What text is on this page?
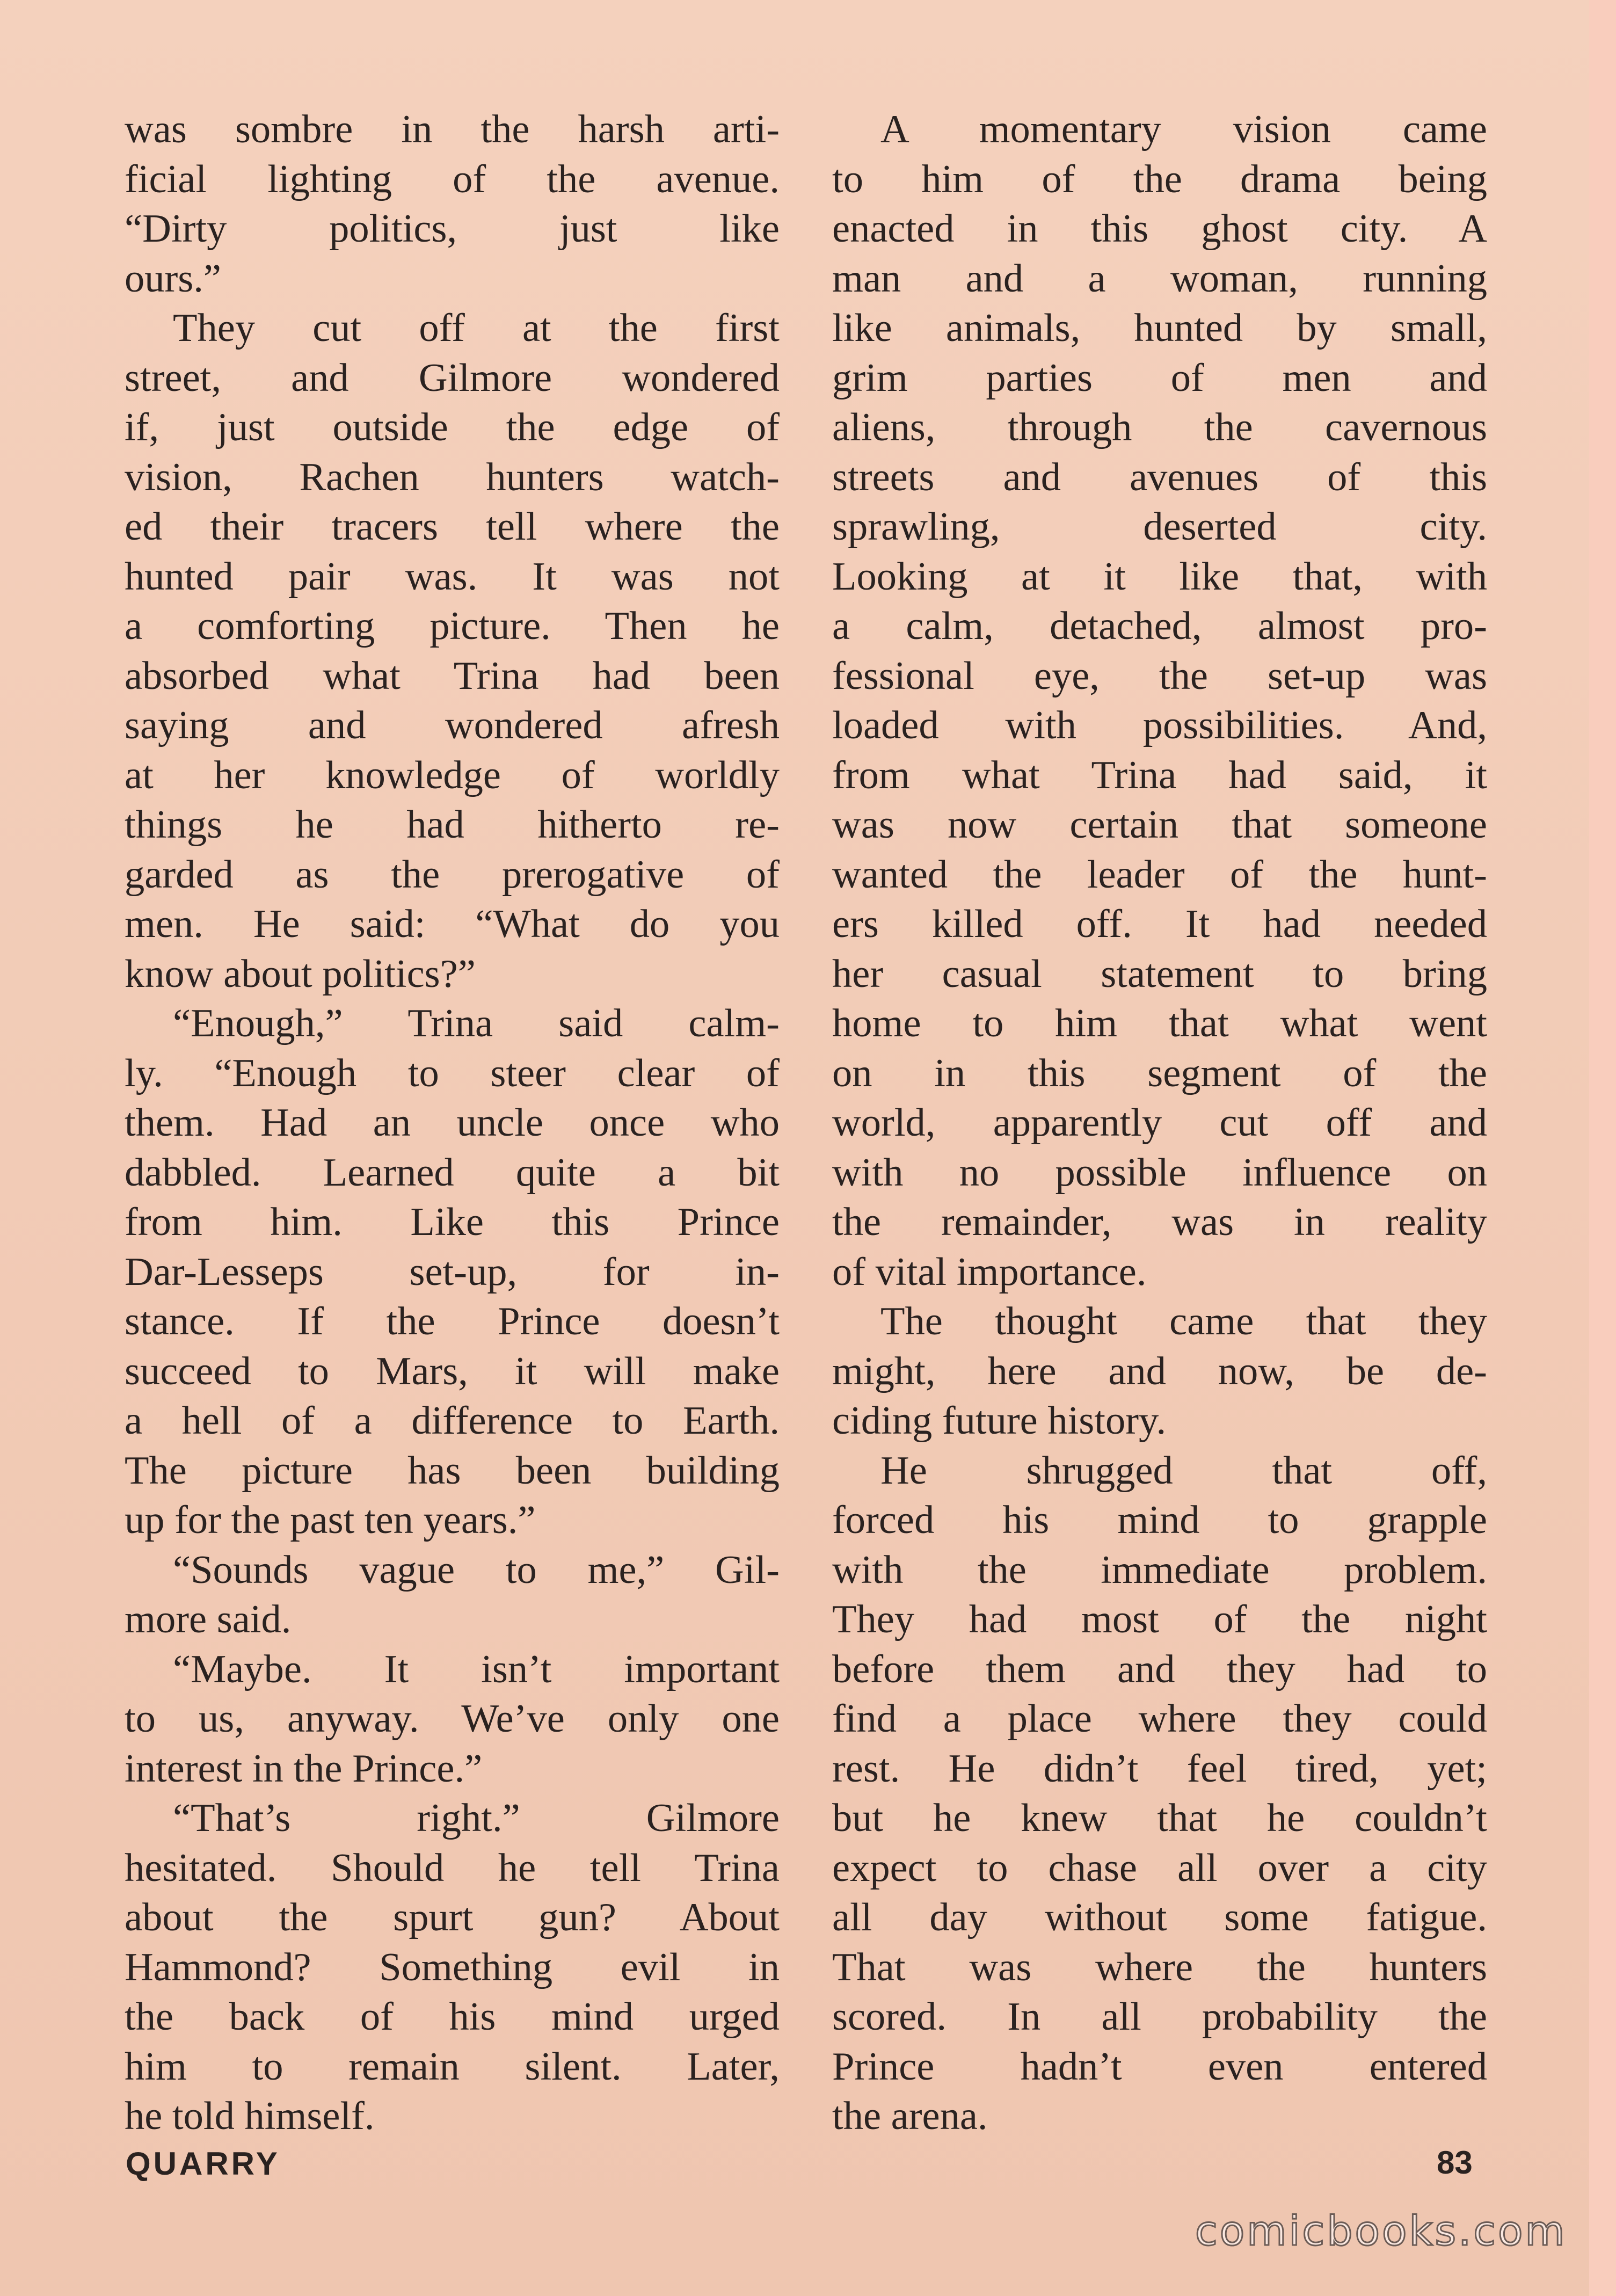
was sombre in the harsh arti-
ficial lighting of the avenue.
“Dirty politics, just like
ours.”
They cut off at the first
street, and Gilmore wondered
if, just outside the edge of
vision, Rachen hunters watch-
ed their tracers tell where the
hunted pair was. It was not
a comforting picture. Then he
absorbed what Trina had been
saying and wondered afresh
at her knowledge of worldly
things he had hitherto re-
garded as the prerogative of
men. He said: “What do you
know about politics?”
“Enough,” Trina said calm-
ly. “Enough to steer clear of
them. Had an uncle once who
dabbled. Learned quite a bit
from him. Like this Prince
Dar-Lesseps set-up, for in-
stance. If the Prince doesn’t
succeed to Mars, it will make
a hell of a difference to Earth.
The picture has been building
up for the past ten years.”
“Sounds vague to me,” Gil-
more said.
“Maybe. It isn’t important
to us, anyway. We’ve only one
interest in the Prince.”
“That’s right.” Gilmore
hesitated. Should he tell Trina
about the spurt gun? About
Hammond? Something evil in
the back of his mind urged
him to remain silent. Later,
he told himself.
A momentary vision came
to him of the drama being
enacted in this ghost city. A
man and a woman, running
like animals, hunted by small,
grim parties of men and
aliens, through the cavernous
streets and avenues of this
sprawling, deserted city.
Looking at it like that, with
a calm, detached, almost pro-
fessional eye, the set-up was
loaded with possibilities. And,
from what Trina had said, it
was now certain that someone
wanted the leader of the hunt-
ers killed off. It had needed
her casual statement to bring
home to him that what went
on in this segment of the
world, apparently cut off and
with no possible influence on
the remainder, was in reality
of vital importance.
The thought came that they
might, here and now, be de-
ciding future history.
He shrugged that off,
forced his mind to grapple
with the immediate problem.
They had most of the night
before them and they had to
find a place where they could
rest. He didn’t feel tired, yet;
but he knew that he couldn’t
expect to chase all over a city
all day without some fatigue.
That was where the hunters
scored. In all probability the
Prince hadn’t even entered
the arena.
QUARRY	83
comicbooks.com
